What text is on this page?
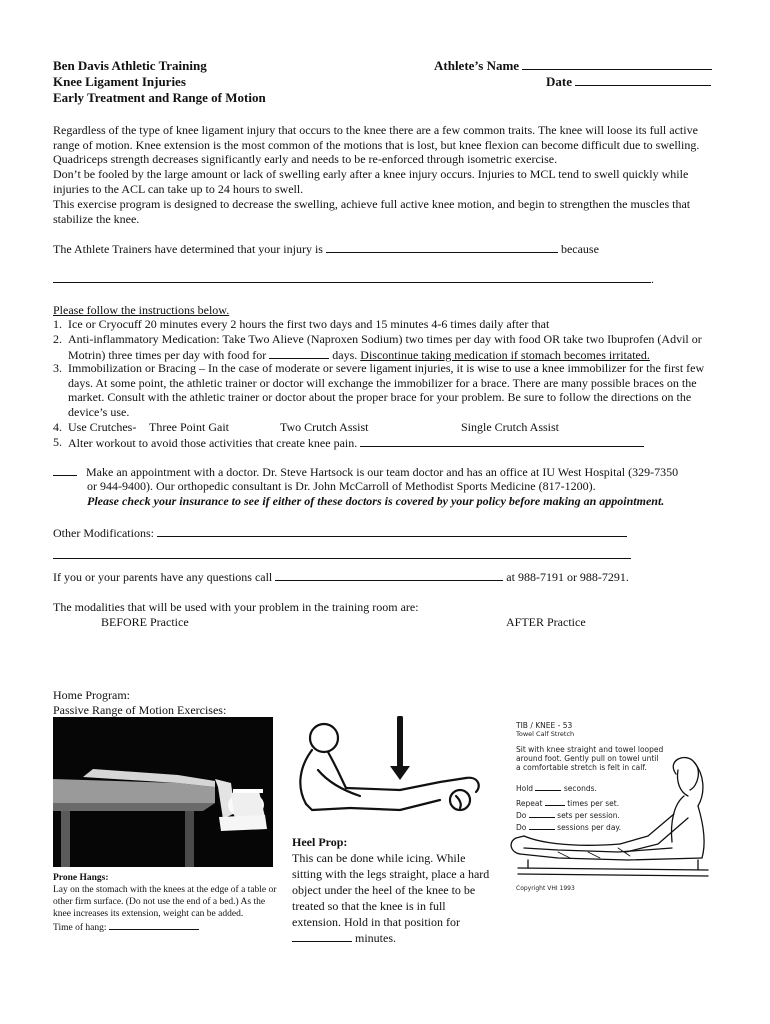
Ben Davis Athletic Training
Knee Ligament Injuries
Early Treatment and Range of Motion
Athlete’s Name
Date
Regardless of the type of knee ligament injury that occurs to the knee there are a few common traits. The knee will loose its full active range of motion. Knee extension is the most common of the motions that is lost, but knee flexion can become difficult due to swelling. Quadriceps strength decreases significantly early and needs to be re-enforced through isometric exercise.
Don’t be fooled by the large amount or lack of swelling early after a knee injury occurs. Injuries to MCL tend to swell quickly while injuries to the ACL can take up to 24 hours to swell.
This exercise program is designed to decrease the swelling, achieve full active knee motion, and begin to strengthen the muscles that stabilize the knee.
The Athlete Trainers have determined that your injury is	because
.
Please follow the instructions below.
1. Ice or Cryocuff 20 minutes every 2 hours the first two days and 15 minutes 4-6 times daily after that
2. Anti-inflammatory Medication: Take Two Alieve (Naproxen Sodium) two times per day with food OR take two Ibuprofen (Advil or Motrin) three times per day with food for	days. Discontinue taking medication if stomach becomes irritated.
3. Immobilization or Bracing – In the case of moderate or severe ligament injuries, it is wise to use a knee immobilizer for the first few days. At some point, the athletic trainer or doctor will exchange the immobilizer for a brace. There are many possible braces on the market. Consult with the athletic trainer or doctor about the proper brace for your problem. Be sure to follow the directions on the device’s use.
4. Use Crutches- Three Point Gait	Two Crutch Assist	Single Crutch Assist
5. Alter workout to avoid those activities that create knee pain.
Make an appointment with a doctor. Dr. Steve Hartsock is our team doctor and has an office at IU West Hospital (329-7350
or 944-9400). Our orthopedic consultant is Dr. John McCarroll of Methodist Sports Medicine (817-1200).
Please check your insurance to see if either of these doctors is covered by your policy before making an appointment.
Other Modifications:
If you or your parents have any questions call	at 988-7191 or 988-7291.
The modalities that will be used with your problem in the training room are:
BEFORE Practice	AFTER Practice
Home Program:
Passive Range of Motion Exercises:
Prone Hangs:
Lay on the stomach with the knees at the edge of a table or other firm surface. (Do not use the end of a bed.) As the knee increases its extension, weight can be added.
Time of hang:
Heel Prop:
This can be done while icing. While sitting with the legs straight, place a hard object under the heel of the knee to be treated so that the knee is in full extension. Hold in that position for  minutes.
TIB / KNEE - 53
Towel Calf Stretch
Sit with knee straight and towel looped
around foot. Gently pull on towel until
a comfortable stretch is felt in calf.
Hold	seconds.
Repeat	times per set.
Do	sets per session.
Do	sessions per day.
Copyright VHI 1993
